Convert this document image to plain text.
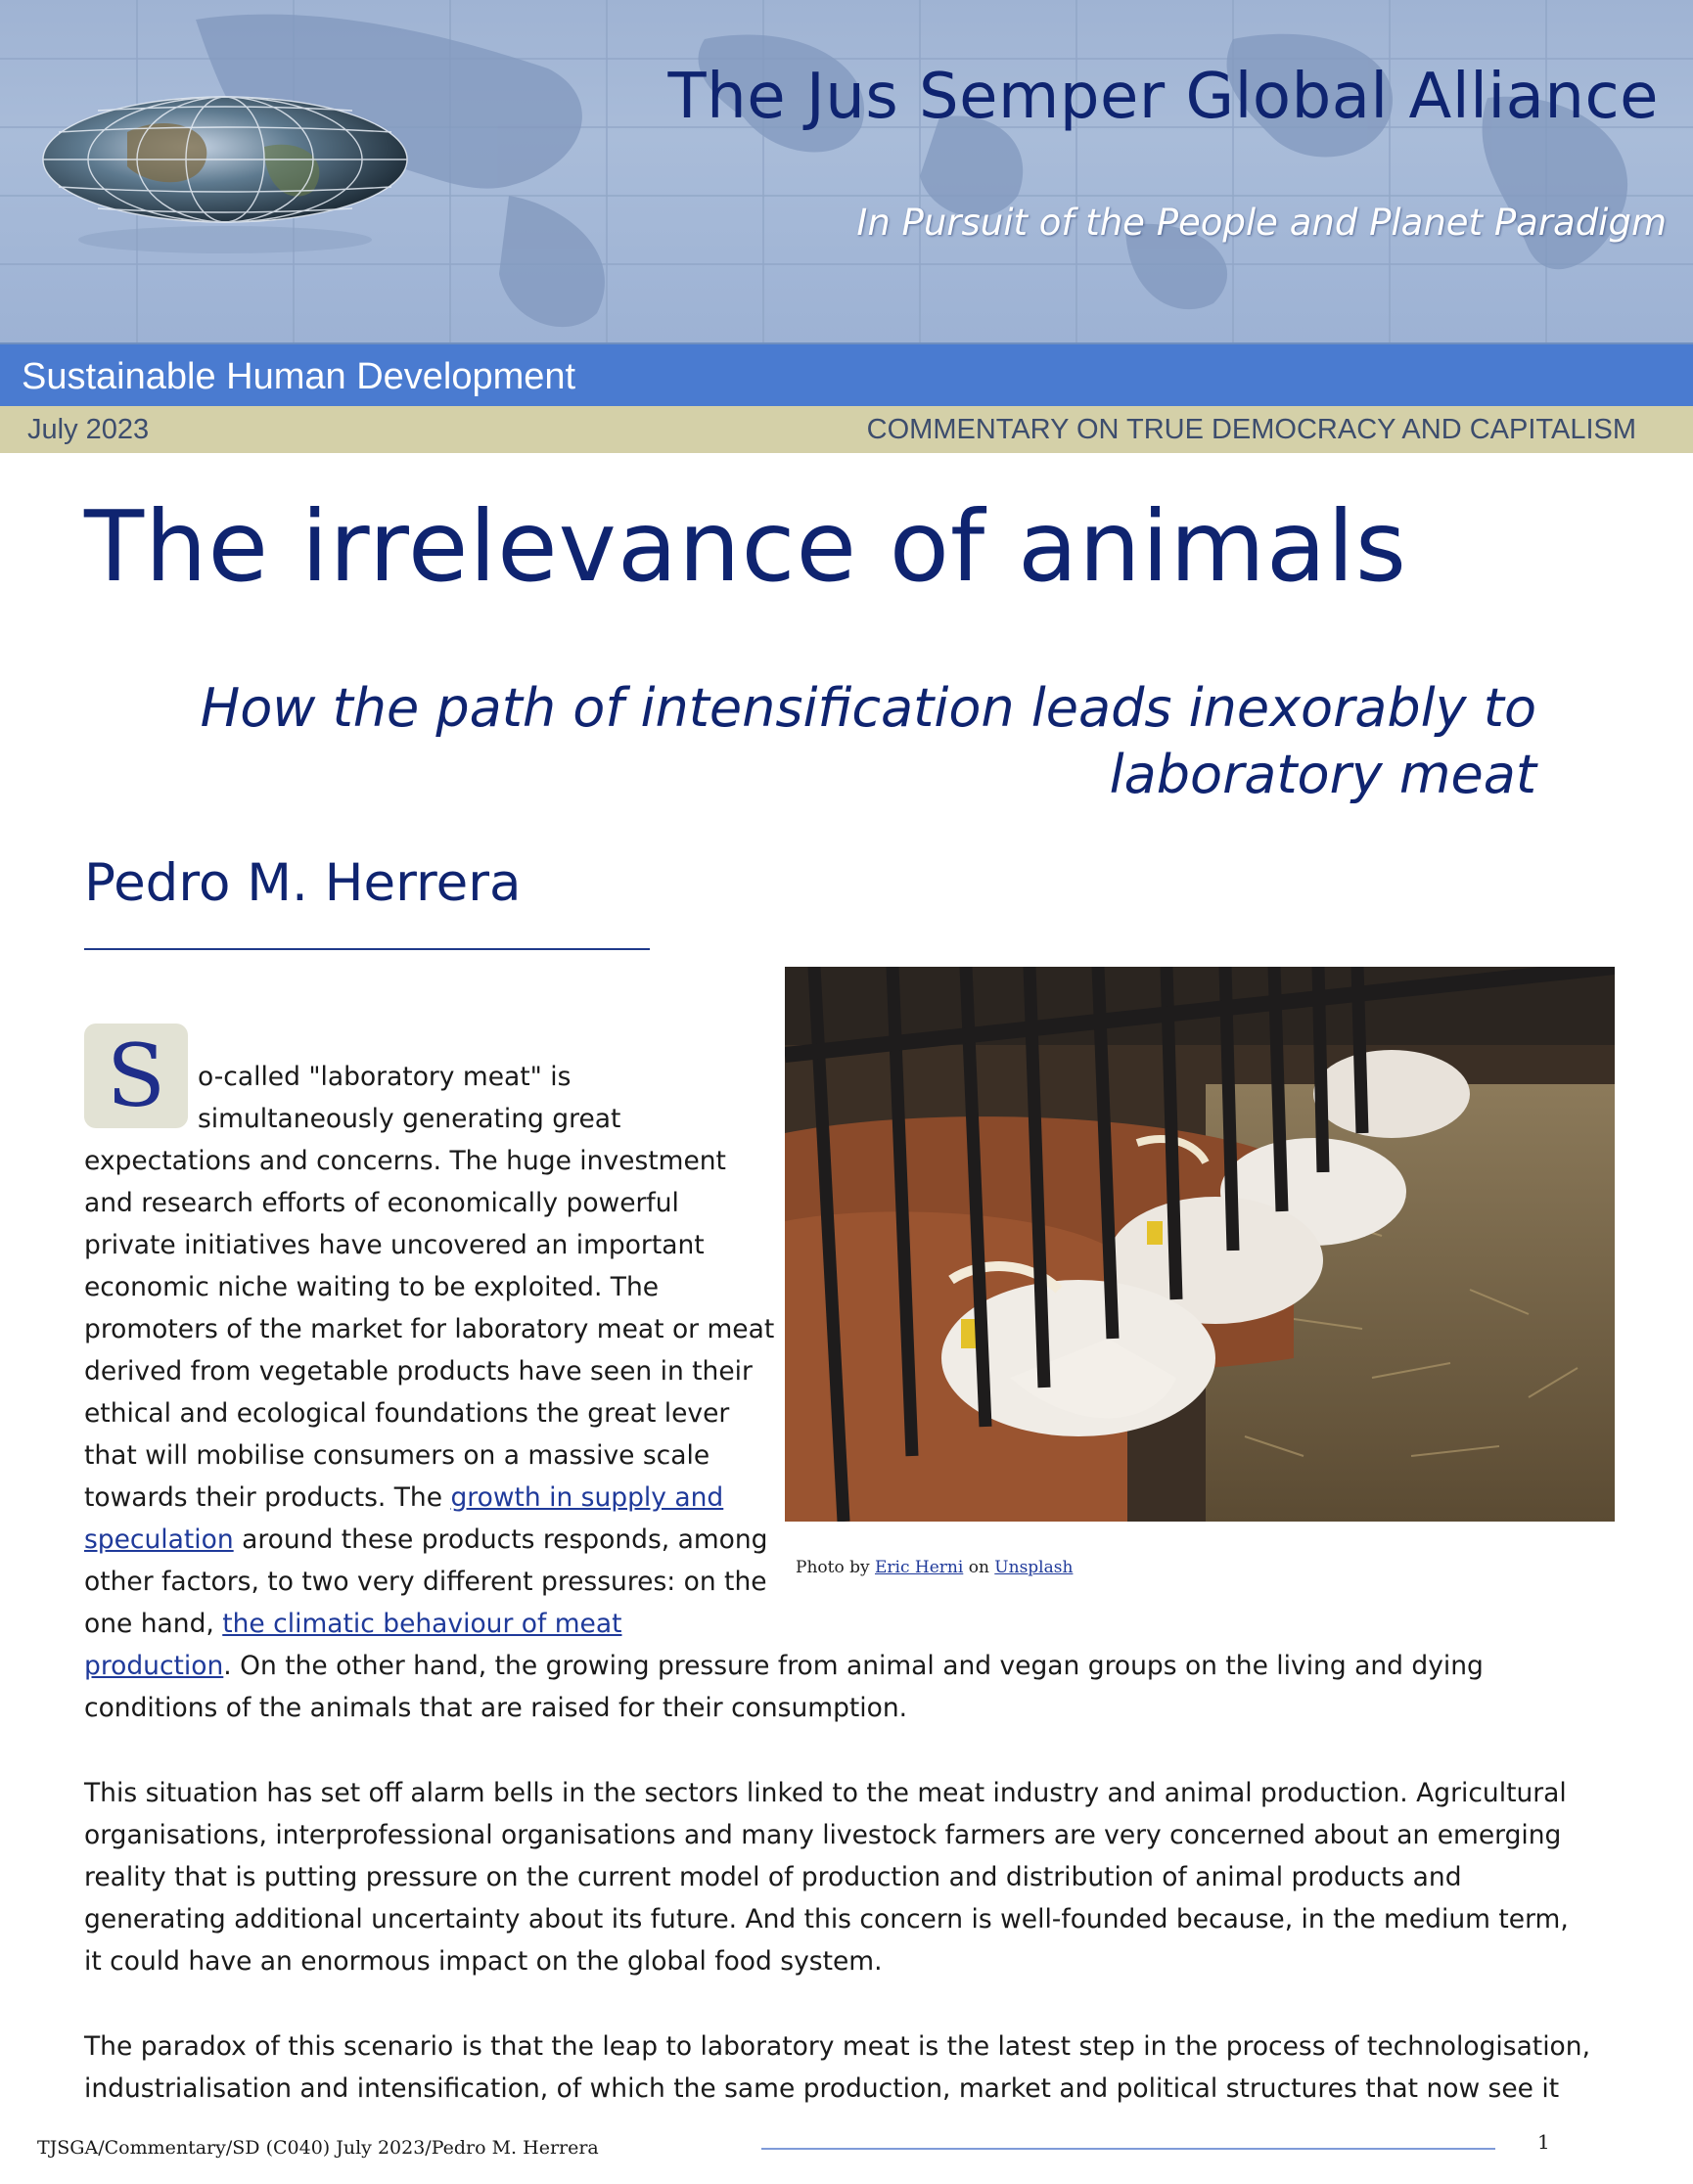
The Jus Semper Global Alliance
In Pursuit of the People and Planet Paradigm
Sustainable Human Development
July 2023	COMMENTARY ON TRUE DEMOCRACY AND CAPITALISM
The irrelevance of animals
How the path of intensification leads inexorably to
laboratory meat
Pedro M. Herrera
Photo by Eric Herni on Unsplash
S	o-called "laboratory meat" is
simultaneously generating great
expectations and concerns. The huge investment
and research efforts of economically powerful
private initiatives have uncovered an important
economic niche waiting to be exploited. The
promoters of the market for laboratory meat or meat
derived from vegetable products have seen in their
ethical and ecological foundations the great lever
that will mobilise consumers on a massive scale
towards their products. The growth in supply and
speculation around these products responds, among
other factors, to two very different pressures: on the
one hand, the climatic behaviour of meat
production. On the other hand, the growing pressure from animal and vegan groups on the living and dying
conditions of the animals that are raised for their consumption.
This situation has set off alarm bells in the sectors linked to the meat industry and animal production. Agricultural
organisations, interprofessional organisations and many livestock farmers are very concerned about an emerging
reality that is putting pressure on the current model of production and distribution of animal products and
generating additional uncertainty about its future. And this concern is well-founded because, in the medium term,
it could have an enormous impact on the global food system.
The paradox of this scenario is that the leap to laboratory meat is the latest step in the process of technologisation,
industrialisation and intensification, of which the same production, market and political structures that now see it
TJSGA/Commentary/SD (C040) July 2023/Pedro M. Herrera	1
